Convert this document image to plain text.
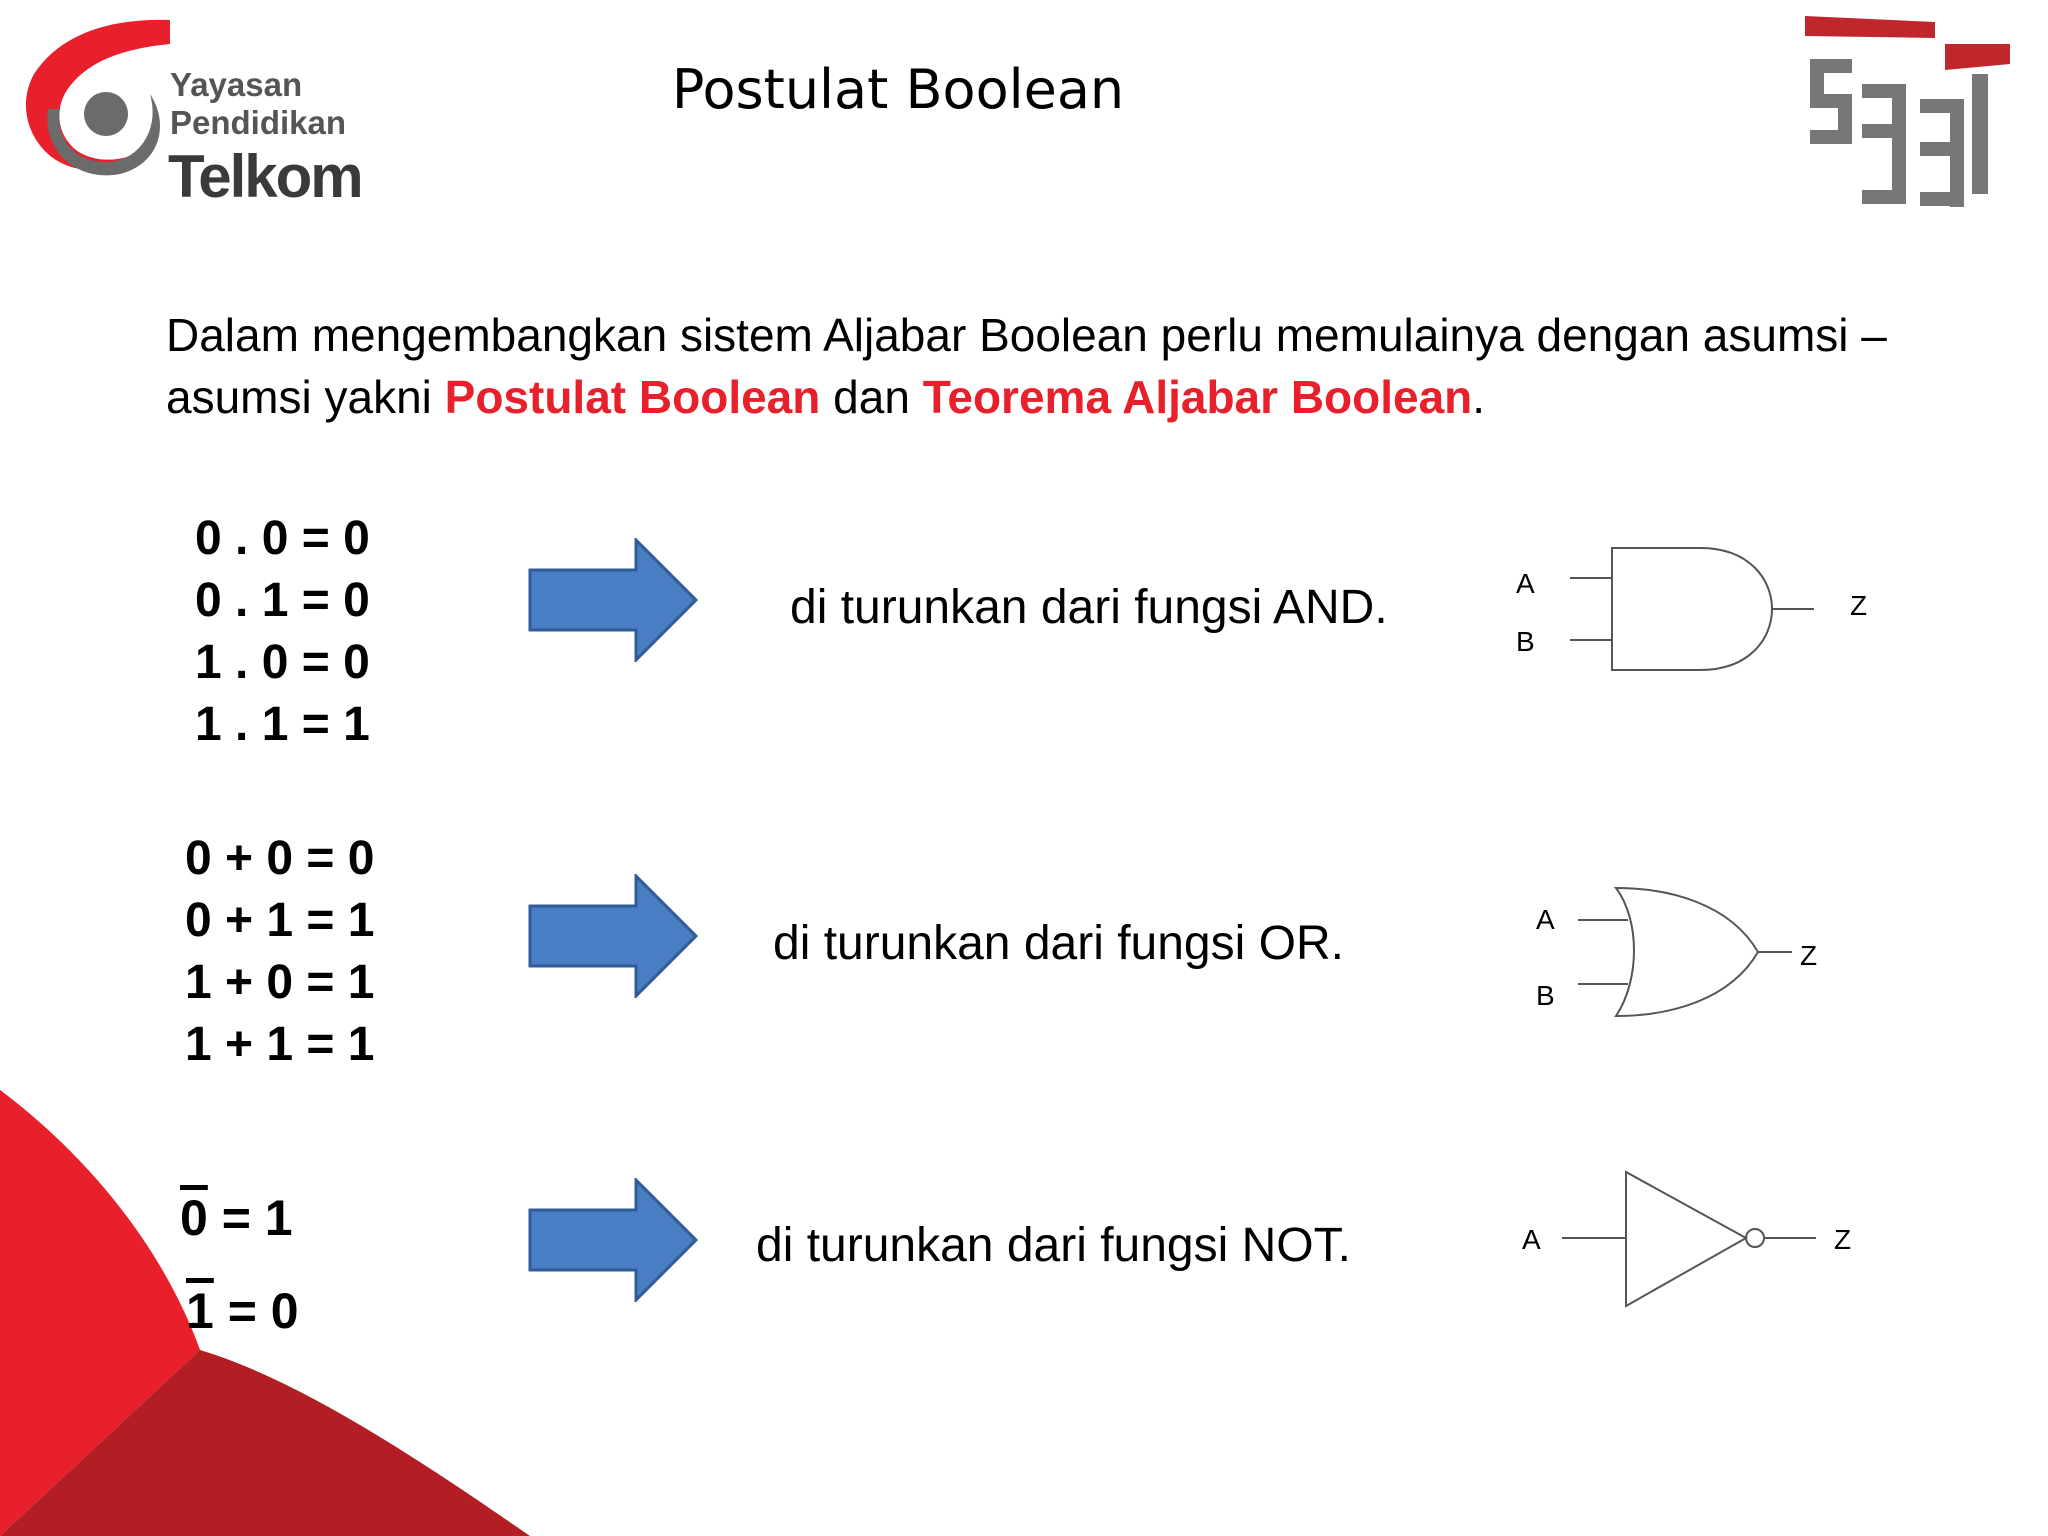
Yayasan
Pendidikan
Telkom
Postulat Boolean
Dalam mengembangkan sistem Aljabar Boolean perlu memulainya dengan asumsi – asumsi yakni Postulat Boolean dan Teorema Aljabar Boolean.
0 . 0 = 0
0 . 1 = 0
1 . 0 = 0
1 . 1 = 1
di turunkan dari fungsi AND.	A
B
Z
0 + 0 = 0
0 + 1 = 1
1 + 0 = 1
1 + 1 = 1
di turunkan dari fungsi OR.	A
B
Z
0 = 1
1 = 0
di turunkan dari fungsi NOT.	A	Z
